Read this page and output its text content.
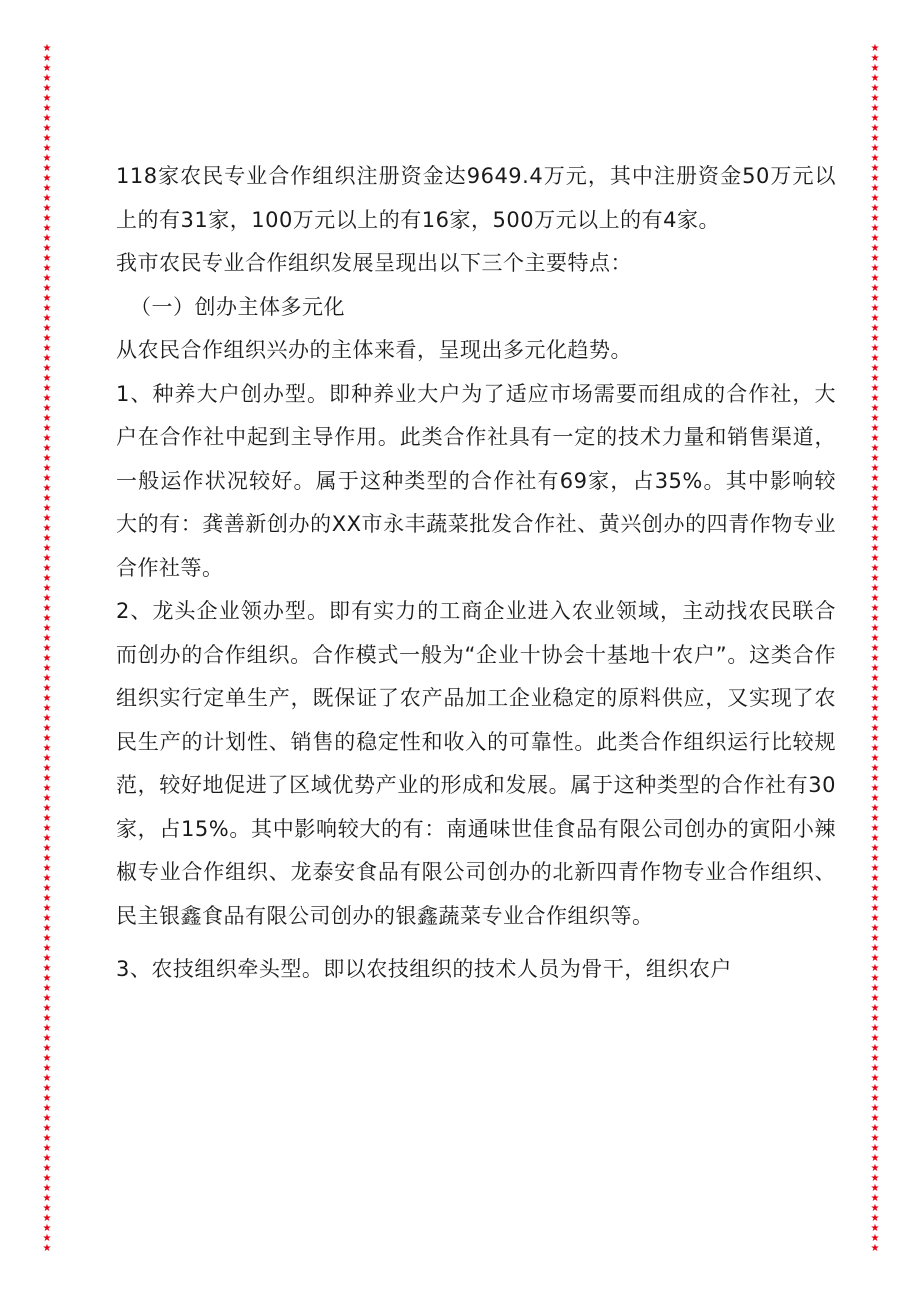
★
★
★
★
★
★
★
★
★
★
★
★
★
★
★
★
★
★
★
★
★
★
★
★
★
★
★
★
★
★
★
★
★
★
★
★
★
★
★
★
★
★
★
★
★
★
★
★
★
★
★
★
★
★
★
★
★
★
★
★
★
★
★
★
★
★
★
★
★
★
★
★
★
★
★
★
★
★
★
★
★
★
★
★
★
★
★
★
★
★
★
★
★
★
★
★
★
★
★
★
★
★
★
★
★
★
★
★
★
★
★
★
★
★
★
★
★
★
★
★
★
★
★
★
★
★
★
★
★
★
★
★
★
★
★
★
★
★
★
★
★
★
★
★
★
★
★
★
★
★
★
★
★
★
★
★
★
★
★
★
★
★
★
★
★
★
★
★
★
★
★
★
★
★
★
★
★
★
★
★
★
★
★
★
★
★
★
★
★
★
★
★
★
★
★
★
★
★
★
★
★
★
★
★
★
★
★
★
★
★
★
★
★
★
★
★
★
★
★
★
★
★
★
★
★
★
★
★
★
★
★
★
★
★
★
★
★
★
★
★
★
★

118家农民专业合作组织注册资金达9649.4万元，其中注册资金50万元以上的有31家，100万元以上的有16家，500万元以上的有4家。

我市农民专业合作组织发展呈现出以下三个主要特点：

（一）创办主体多元化

从农民合作组织兴办的主体来看，呈现出多元化趋势。

1、种养大户创办型。即种养业大户为了适应市场需要而组成的合作社，大户在合作社中起到主导作用。此类合作社具有一定的技术力量和销售渠道，一般运作状况较好。属于这种类型的合作社有69家，占35%。其中影响较大的有：龚善新创办的XX市永丰蔬菜批发合作社、黄兴创办的四青作物专业合作社等。

2、龙头企业领办型。即有实力的工商企业进入农业领域，主动找农民联合而创办的合作组织。合作模式一般为“企业十协会十基地十农户”。这类合作组织实行定单生产，既保证了农产品加工企业稳定的原料供应，又实现了农民生产的计划性、销售的稳定性和收入的可靠性。此类合作组织运行比较规范，较好地促进了区域优势产业的形成和发展。属于这种类型的合作社有30家，占15%。其中影响较大的有：南通味世佳食品有限公司创办的寅阳小辣椒专业合作组织、龙泰安食品有限公司创办的北新四青作物专业合作组织、民主银鑫食品有限公司创办的银鑫蔬菜专业合作组织等。

3、农技组织牵头型。即以农技组织的技术人员为骨干，组织农户
